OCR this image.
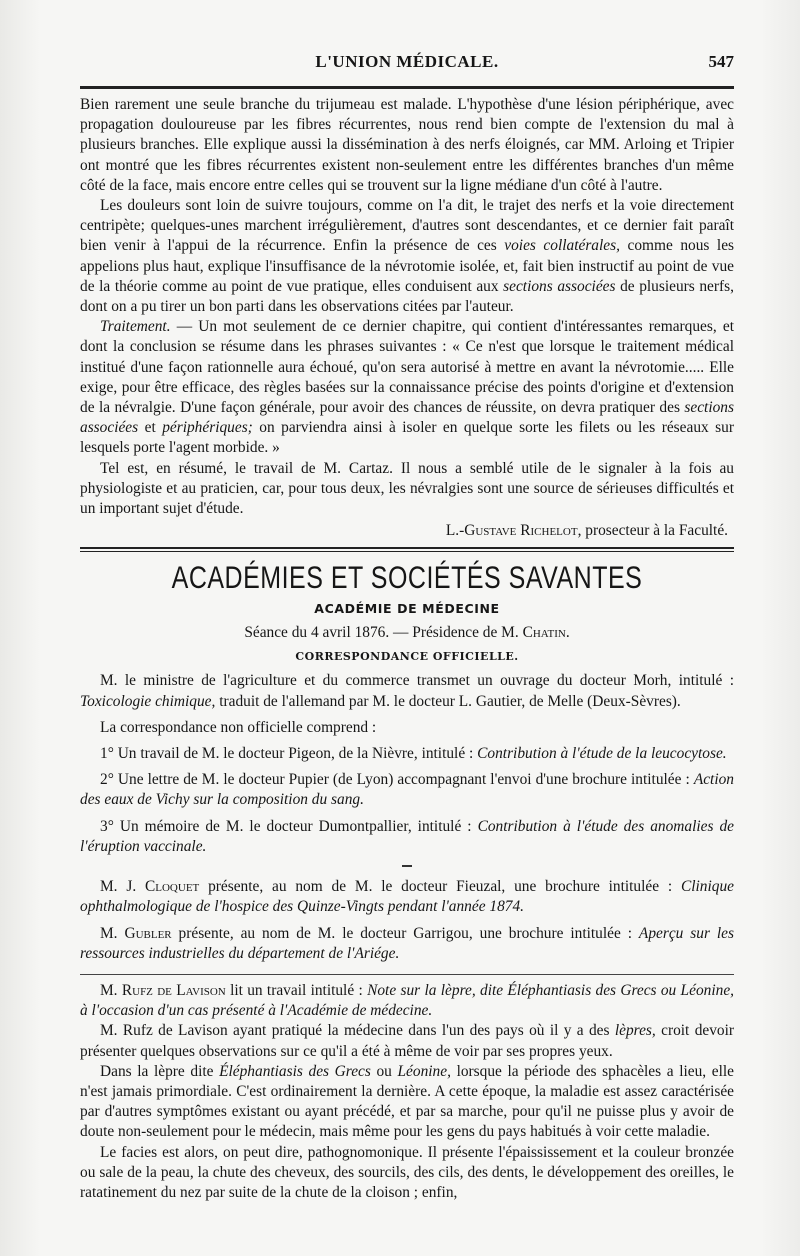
L'UNION MÉDICALE.	547

Bien rarement une seule branche du trijumeau est malade. L'hypothèse d'une lésion périphérique, avec propagation douloureuse par les fibres récurrentes, nous rend bien compte de l'extension du mal à plusieurs branches. Elle explique aussi la dissémination à des nerfs éloignés, car MM. Arloing et Tripier ont montré que les fibres récurrentes existent non-seulement entre les différentes branches d'un même côté de la face, mais encore entre celles qui se trouvent sur la ligne médiane d'un côté à l'autre.

Les douleurs sont loin de suivre toujours, comme on l'a dit, le trajet des nerfs et la voie directement centripète; quelques-unes marchent irrégulièrement, d'autres sont descendantes, et ce dernier fait paraît bien venir à l'appui de la récurrence. Enfin la présence de ces voies collatérales, comme nous les appelions plus haut, explique l'insuffisance de la névrotomie isolée, et, fait bien instructif au point de vue de la théorie comme au point de vue pratique, elles conduisent aux sections associées de plusieurs nerfs, dont on a pu tirer un bon parti dans les observations citées par l'auteur.

Traitement. — Un mot seulement de ce dernier chapitre, qui contient d'intéressantes remarques, et dont la conclusion se résume dans les phrases suivantes : « Ce n'est que lorsque le traitement médical institué d'une façon rationnelle aura échoué, qu'on sera autorisé à mettre en avant la névrotomie..... Elle exige, pour être efficace, des règles basées sur la connaissance précise des points d'origine et d'extension de la névralgie. D'une façon générale, pour avoir des chances de réussite, on devra pratiquer des sections associées et périphériques; on parviendra ainsi à isoler en quelque sorte les filets ou les réseaux sur lesquels porte l'agent morbide. »

Tel est, en résumé, le travail de M. Cartaz. Il nous a semblé utile de le signaler à la fois au physiologiste et au praticien, car, pour tous deux, les névralgies sont une source de sérieuses difficultés et un important sujet d'étude.

L.-Gustave Richelot, prosecteur à la Faculté.
ACADÉMIES ET SOCIÉTÉS SAVANTES
ACADÉMIE DE MÉDECINE
Séance du 4 avril 1876. — Présidence de M. Chatin.
CORRESPONDANCE OFFICIELLE.

M. le ministre de l'agriculture et du commerce transmet un ouvrage du docteur Morh, intitulé : Toxicologie chimique, traduit de l'allemand par M. le docteur L. Gautier, de Melle (Deux-Sèvres).

La correspondance non officielle comprend :

1° Un travail de M. le docteur Pigeon, de la Nièvre, intitulé : Contribution à l'étude de la leucocytose.

2° Une lettre de M. le docteur Pupier (de Lyon) accompagnant l'envoi d'une brochure intitulée : Action des eaux de Vichy sur la composition du sang.

3° Un mémoire de M. le docteur Dumontpallier, intitulé : Contribution à l'étude des anomalies de l'éruption vaccinale.

M. J. Cloquet présente, au nom de M. le docteur Fieuzal, une brochure intitulée : Clinique ophthalmologique de l'hospice des Quinze-Vingts pendant l'année 1874.

M. Gubler présente, au nom de M. le docteur Garrigou, une brochure intitulée : Aperçu sur les ressources industrielles du département de l'Ariége.

M. Rufz de Lavison lit un travail intitulé : Note sur la lèpre, dite Éléphantiasis des Grecs ou Léonine, à l'occasion d'un cas présenté à l'Académie de médecine.

M. Rufz de Lavison ayant pratiqué la médecine dans l'un des pays où il y a des lèpres, croit devoir présenter quelques observations sur ce qu'il a été à même de voir par ses propres yeux.

Dans la lèpre dite Éléphantiasis des Grecs ou Léonine, lorsque la période des sphacèles a lieu, elle n'est jamais primordiale. C'est ordinairement la dernière. A cette époque, la maladie est assez caractérisée par d'autres symptômes existant ou ayant précédé, et par sa marche, pour qu'il ne puisse plus y avoir de doute non-seulement pour le médecin, mais même pour les gens du pays habitués à voir cette maladie.

Le facies est alors, on peut dire, pathognomonique. Il présente l'épaississement et la couleur bronzée ou sale de la peau, la chute des cheveux, des sourcils, des cils, des dents, le développement des oreilles, le ratatinement du nez par suite de la chute de la cloison ; enfin,
